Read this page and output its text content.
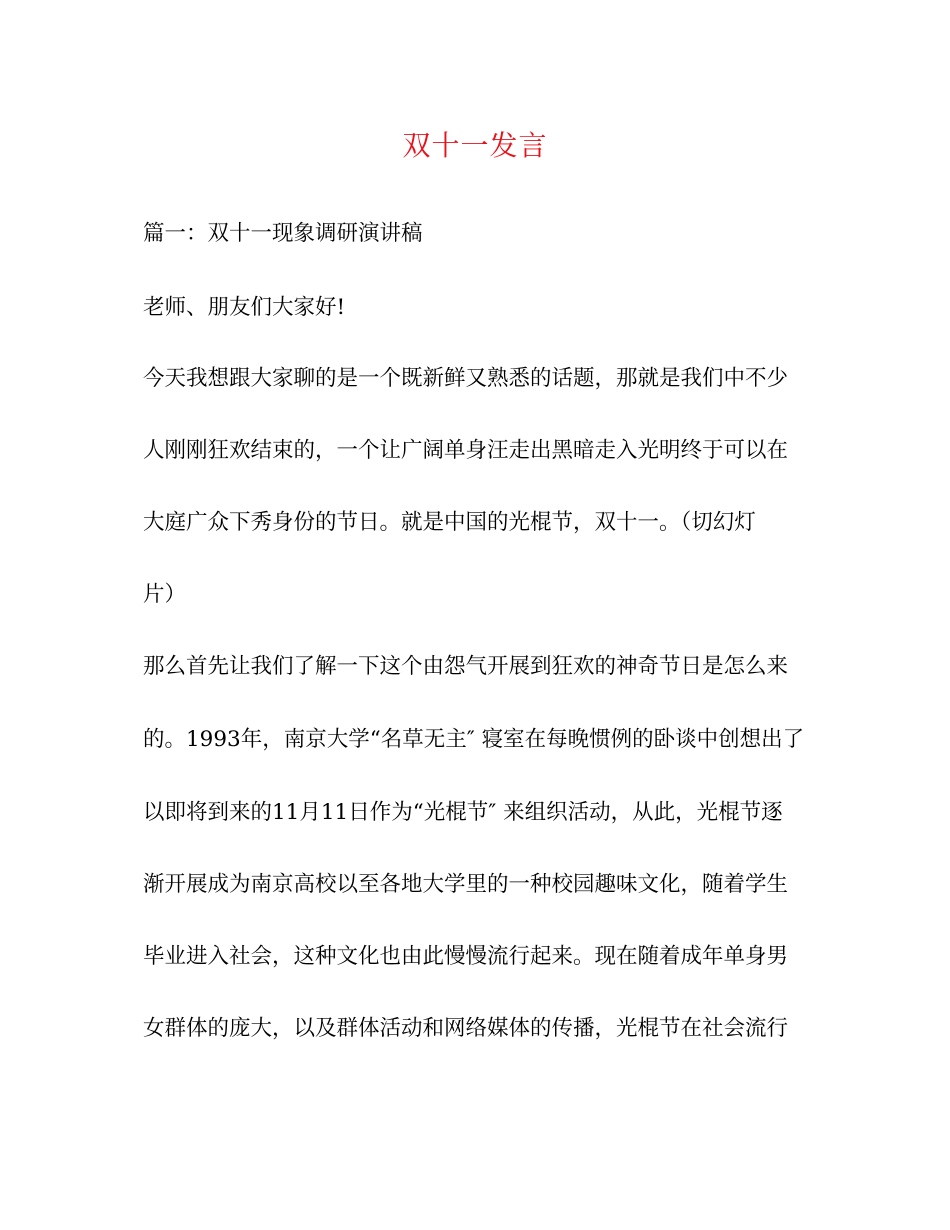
双十一发言
篇一：双十一现象调研演讲稿
老师、朋友们大家好!
今天我想跟大家聊的是一个既新鲜又熟悉的话题，那就是我们中不少
人刚刚狂欢结束的，一个让广阔单身汪走出黑暗走入光明终于可以在
大庭广众下秀身份的节日。就是中国的光棍节，双十一。（切幻灯
片）
那么首先让我们了解一下这个由怨气开展到狂欢的神奇节日是怎么来
的。1993年，南京大学“名草无主″ 寝室在每晚惯例的卧谈中创想出了
以即将到来的11月11日作为“光棍节″ 来组织活动，从此，光棍节逐
渐开展成为南京高校以至各地大学里的一种校园趣味文化，随着学生
毕业进入社会，这种文化也由此慢慢流行起来。现在随着成年单身男
女群体的庞大，以及群体活动和网络媒体的传播，光棍节在社会流行
